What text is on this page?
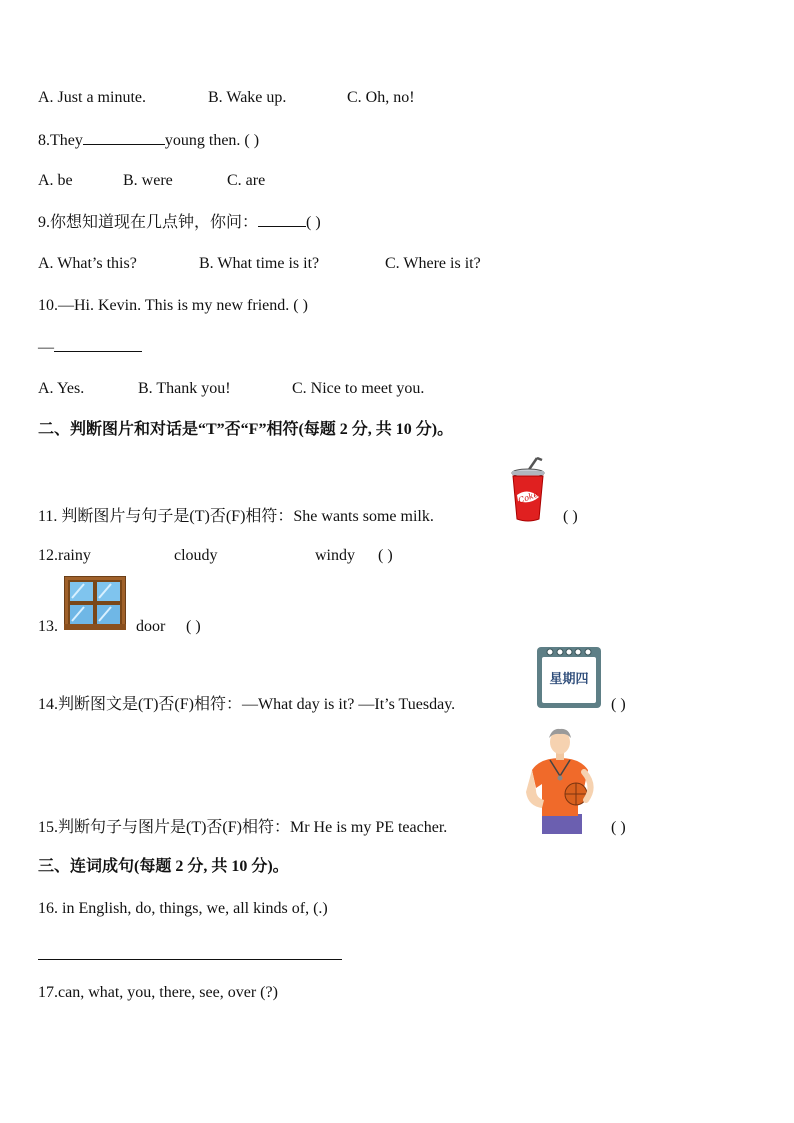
A. Just a minute.	B. Wake up.	C. Oh, no!
8.They	young then. ( )
A. be	B. were	C. are
9.你想知道现在几点钟，你问：	( )
A. What’s this?	B. What time is it?	C. Where is it?
10.—Hi. Kevin. This is my new friend. ( )
—
A. Yes.	B. Thank you!	C. Nice to meet you.
二、判断图片和对话是“T”否“F”相符(每题 2 分, 共 10 分)。
11. 判断图片与句子是(T)否(F)相符：She wants some milk.
Coke
( )
12.rainy	cloudy	windy ( )
13.	door ( )
14.判断图文是(T)否(F)相符：—What day is it? —It’s Tuesday.
星期四
( )
15.判断句子与图片是(T)否(F)相符：Mr He is my PE teacher.	( )
三、连词成句(每题 2 分, 共 10 分)。
16. in English, do, things, we, all kinds of, (.)
17.can, what, you, there, see, over (?)
